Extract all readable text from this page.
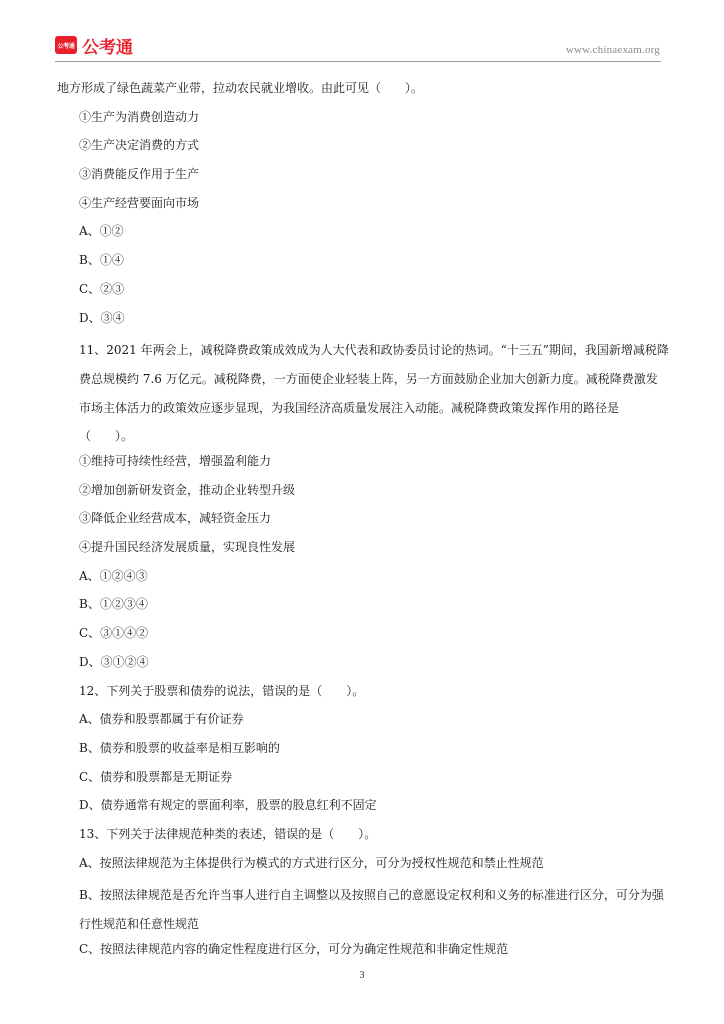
公考通 公考通	www.chinaexam.org
地方形成了绿色蔬菜产业带，拉动农民就业增收。由此可见（　　）。
①生产为消费创造动力
②生产决定消费的方式
③消费能反作用于生产
④生产经营要面向市场
A、①②
B、①④
C、②③
D、③④
11、2021 年两会上，减税降费政策成效成为人大代表和政协委员讨论的热词。“十三五”期间，我国新增减税降费总规模约 7.6 万亿元。减税降费，一方面使企业轻装上阵，另一方面鼓励企业加大创新力度。减税降费激发市场主体活力的政策效应逐步显现，为我国经济高质量发展注入动能。减税降费政策发挥作用的路径是（　　）。
①维持可持续性经营，增强盈利能力
②增加创新研发资金，推动企业转型升级
③降低企业经营成本，减轻资金压力
④提升国民经济发展质量，实现良性发展
A、①②④③
B、①②③④
C、③①④②
D、③①②④
12、下列关于股票和债券的说法，错误的是（　　）。
A、债券和股票都属于有价证券
B、债券和股票的收益率是相互影响的
C、债券和股票都是无期证券
D、债券通常有规定的票面利率，股票的股息红利不固定
13、下列关于法律规范种类的表述，错误的是（　　）。
A、按照法律规范为主体提供行为模式的方式进行区分，可分为授权性规范和禁止性规范
B、按照法律规范是否允许当事人进行自主调整以及按照自己的意愿设定权利和义务的标准进行区分，可分为强行性规范和任意性规范
C、按照法律规范内容的确定性程度进行区分，可分为确定性规范和非确定性规范
3
